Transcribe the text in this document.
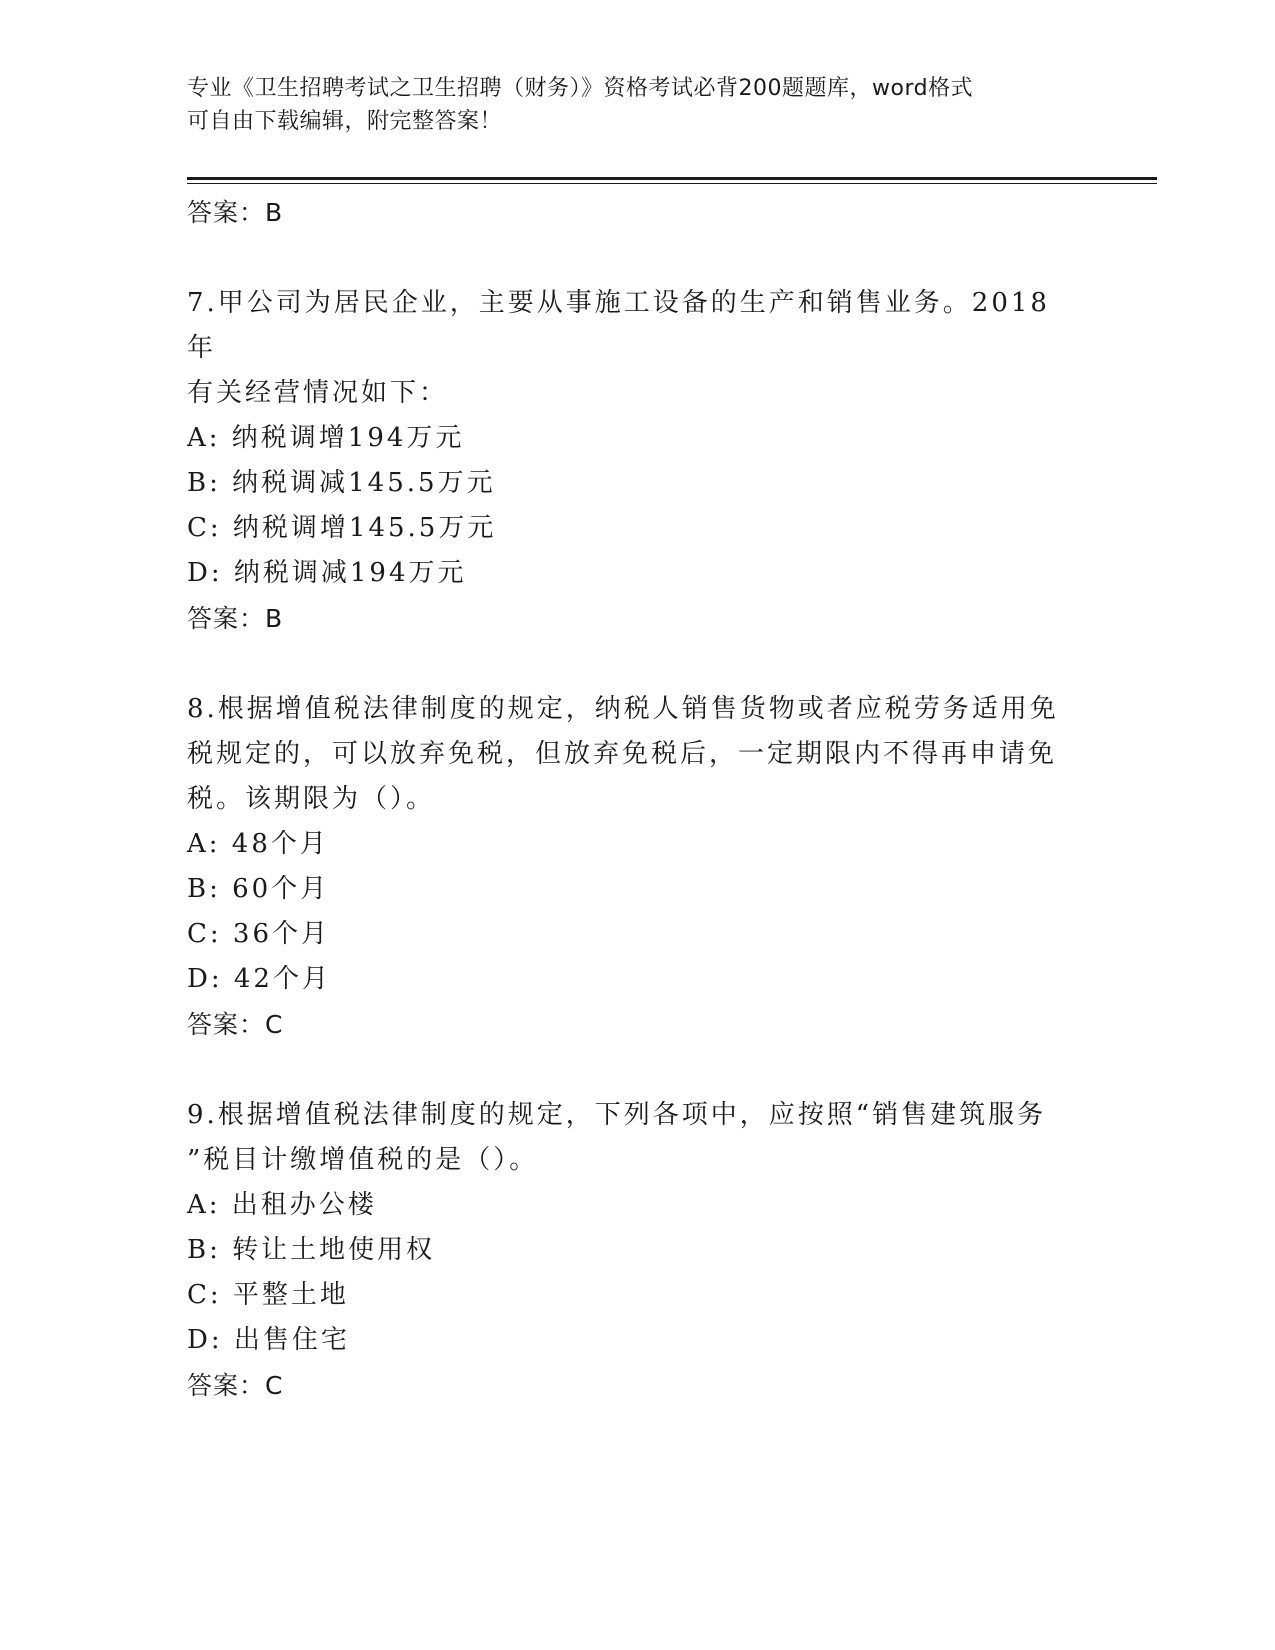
专业《卫生招聘考试之卫生招聘（财务）》资格考试必背200题题库，word格式
可自由下载编辑，附完整答案！
答案：B
7.甲公司为居民企业，主要从事施工设备的生产和销售业务。2018年
有关经营情况如下：
A: 纳税调增194万元
B: 纳税调减145.5万元
C: 纳税调增145.5万元
D: 纳税调减194万元
答案：B
8.根据增值税法律制度的规定，纳税人销售货物或者应税劳务适用免
税规定的，可以放弃免税，但放弃免税后，一定期限内不得再申请免
税。该期限为（）。
A: 48个月
B: 60个月
C: 36个月
D: 42个月
答案：C
9.根据增值税法律制度的规定，下列各项中，应按照“销售建筑服务
”税目计缴增值税的是（）。
A: 出租办公楼
B: 转让土地使用权
C: 平整土地
D: 出售住宅
答案：C
